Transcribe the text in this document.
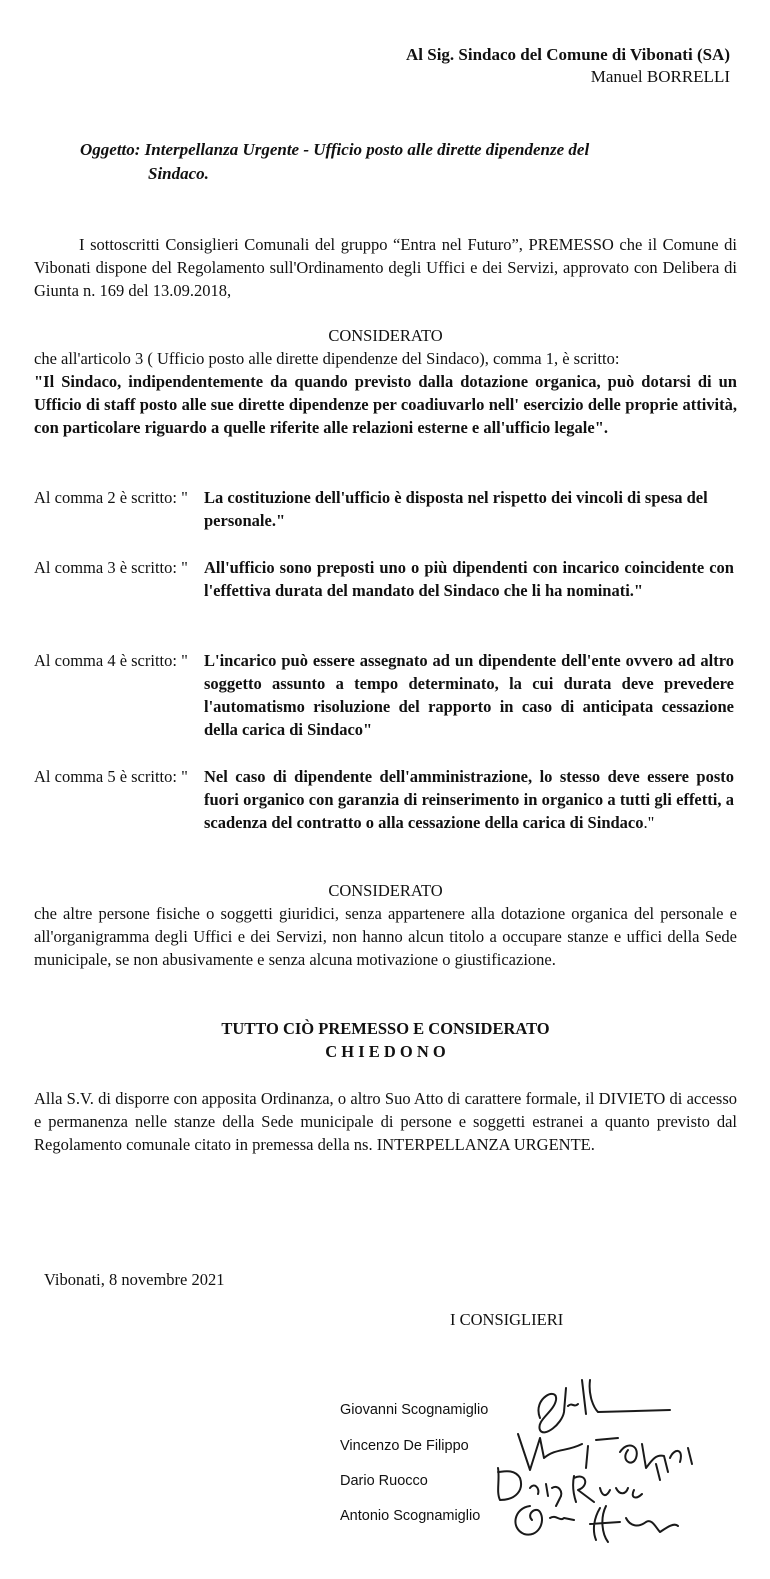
Al Sig. Sindaco del Comune di Vibonati (SA)
Manuel BORRELLI
Oggetto: Interpellanza Urgente - Ufficio posto alle dirette dipendenze del
Sindaco.
I sottoscritti Consiglieri Comunali del gruppo “Entra nel Futuro”, PREMESSO che il Comune di Vibonati dispone del Regolamento sull'Ordinamento degli Uffici e dei Servizi, approvato con Delibera di Giunta n. 169 del 13.09.2018,
CONSIDERATO
che all'articolo 3 ( Ufficio posto alle dirette dipendenze del Sindaco), comma 1, è scritto:
"Il Sindaco, indipendentemente da quando previsto dalla dotazione organica, può dotarsi di un Ufficio di staff posto alle sue dirette dipendenze per coadiuvarlo nell' esercizio delle proprie attività, con particolare riguardo a quelle riferite alle relazioni esterne e all'ufficio legale".
Al comma 2 è scritto: " La costituzione dell'ufficio è disposta nel rispetto dei vincoli di spesa del personale."
Al comma 3 è scritto: " All'ufficio sono preposti uno o più dipendenti con incarico coincidente con l'effettiva durata del mandato del Sindaco che li ha nominati."
Al comma 4 è scritto: " L'incarico può essere assegnato ad un dipendente dell'ente ovvero ad altro soggetto assunto a tempo determinato, la cui durata deve prevedere l'automatismo risoluzione del rapporto in caso di anticipata cessazione della carica di Sindaco"
Al comma 5 è scritto: " Nel caso di dipendente dell'amministrazione, lo stesso deve essere posto fuori organico con garanzia di reinserimento in organico a tutti gli effetti, a scadenza del contratto o alla cessazione della carica di Sindaco."
CONSIDERATO
che altre persone fisiche o soggetti giuridici, senza appartenere alla dotazione organica del personale e all'organigramma degli Uffici e dei Servizi, non hanno alcun titolo a occupare stanze e uffici della Sede municipale, se non abusivamente e senza alcuna motivazione o giustificazione.
TUTTO CIÒ PREMESSO E CONSIDERATO
C H I E D O N O
Alla S.V. di disporre con apposita Ordinanza, o altro Suo Atto di carattere formale, il DIVIETO di accesso e permanenza nelle stanze della Sede municipale di persone e soggetti estranei a quanto previsto dal Regolamento comunale citato in premessa della ns. INTERPELLANZA URGENTE.
Vibonati, 8 novembre 2021
I CONSIGLIERI
Giovanni Scognamiglio
Vincenzo De Filippo
Dario Ruocco
Antonio Scognamiglio
